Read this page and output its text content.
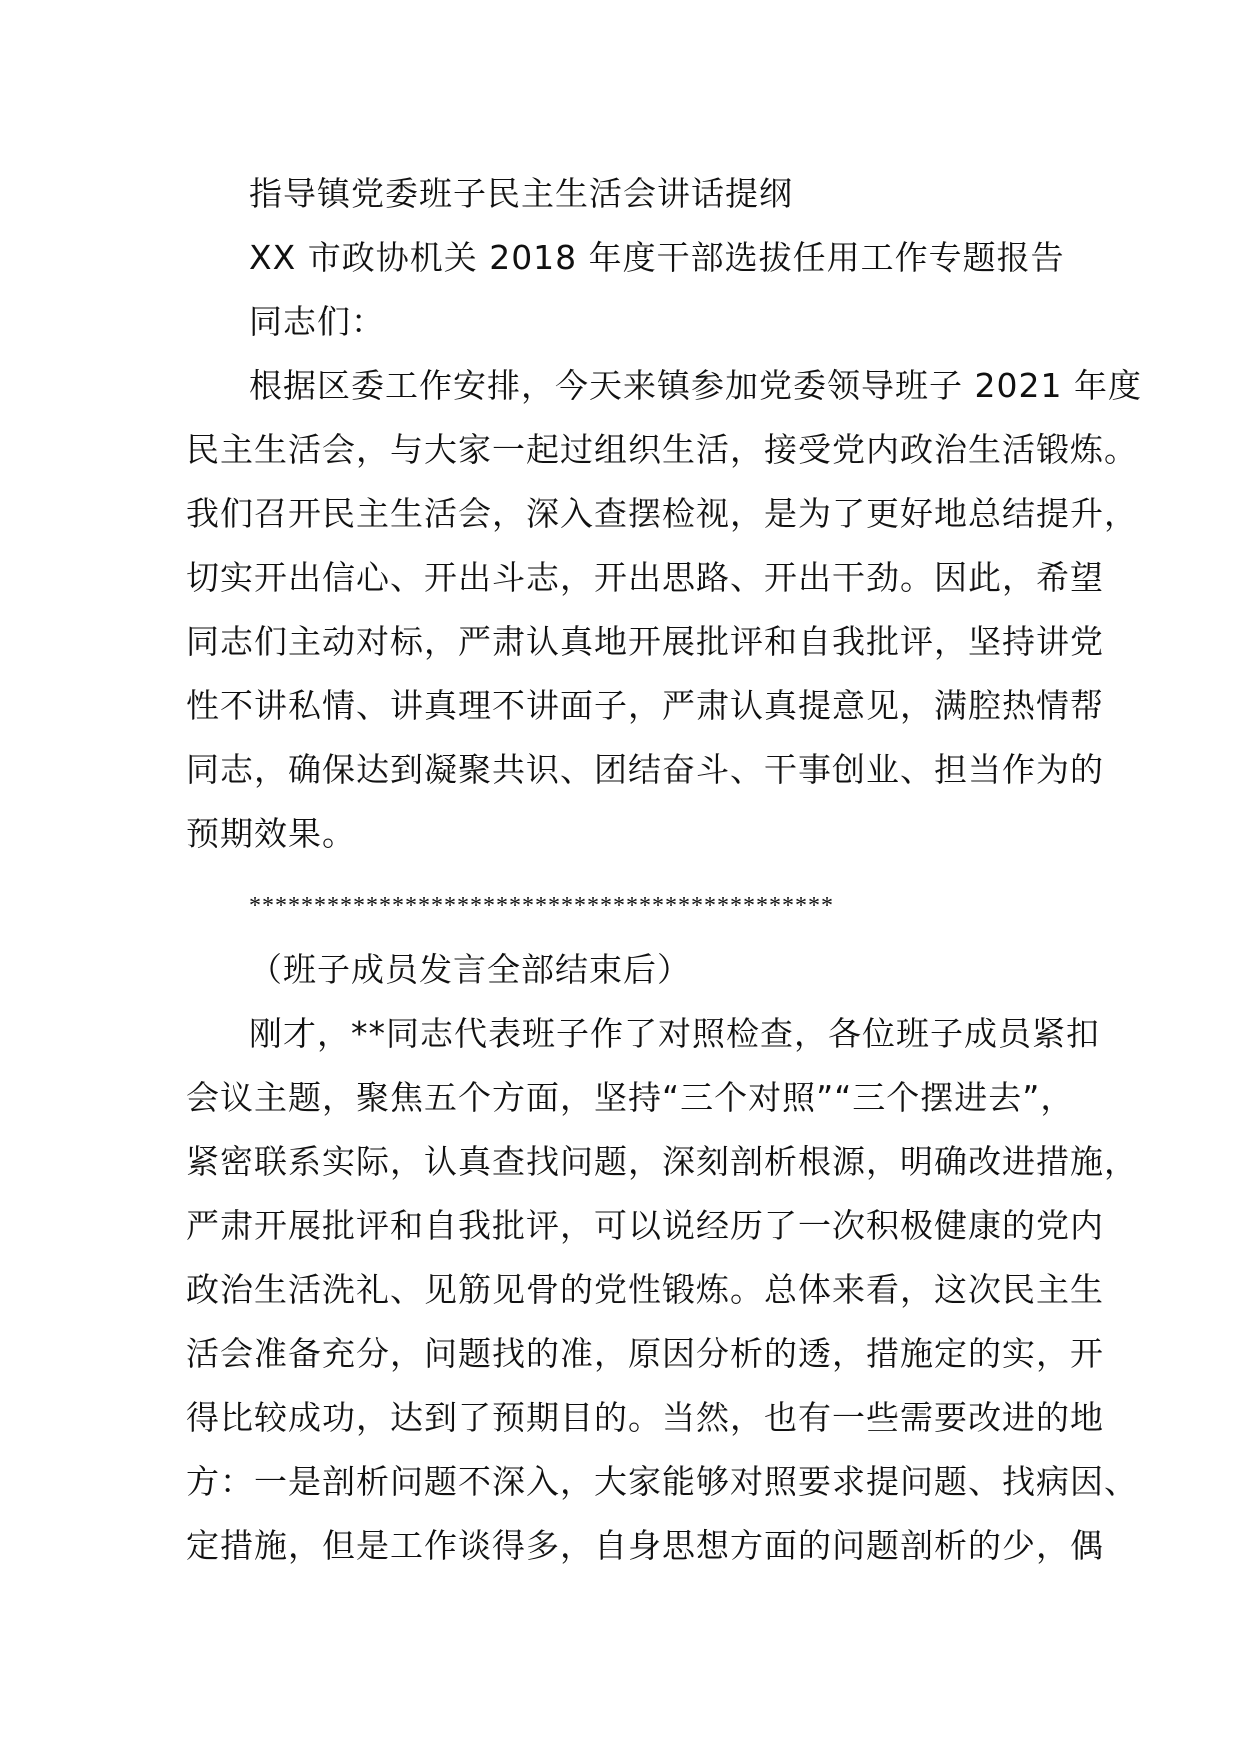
指导镇党委班子民主生活会讲话提纲
XX 市政协机关 2018 年度干部选拔任用工作专题报告
同志们：
根据区委工作安排，今天来镇参加党委领导班子 2021 年度
民主生活会，与大家一起过组织生活，接受党内政治生活锻炼。
我们召开民主生活会，深入查摆检视，是为了更好地总结提升，
切实开出信心、开出斗志，开出思路、开出干劲。因此，希望
同志们主动对标，严肃认真地开展批评和自我批评，坚持讲党
性不讲私情、讲真理不讲面子，严肃认真提意见，满腔热情帮
同志，确保达到凝聚共识、团结奋斗、干事创业、担当作为的
预期效果。
*********************************************
（班子成员发言全部结束后）
刚才，**同志代表班子作了对照检查，各位班子成员紧扣
会议主题，聚焦五个方面，坚持“三个对照”“三个摆进去”，
紧密联系实际，认真查找问题，深刻剖析根源，明确改进措施，
严肃开展批评和自我批评，可以说经历了一次积极健康的党内
政治生活洗礼、见筋见骨的党性锻炼。总体来看，这次民主生
活会准备充分，问题找的准，原因分析的透，措施定的实，开
得比较成功，达到了预期目的。当然，也有一些需要改进的地
方：一是剖析问题不深入，大家能够对照要求提问题、找病因、
定措施，但是工作谈得多，自身思想方面的问题剖析的少，偶
